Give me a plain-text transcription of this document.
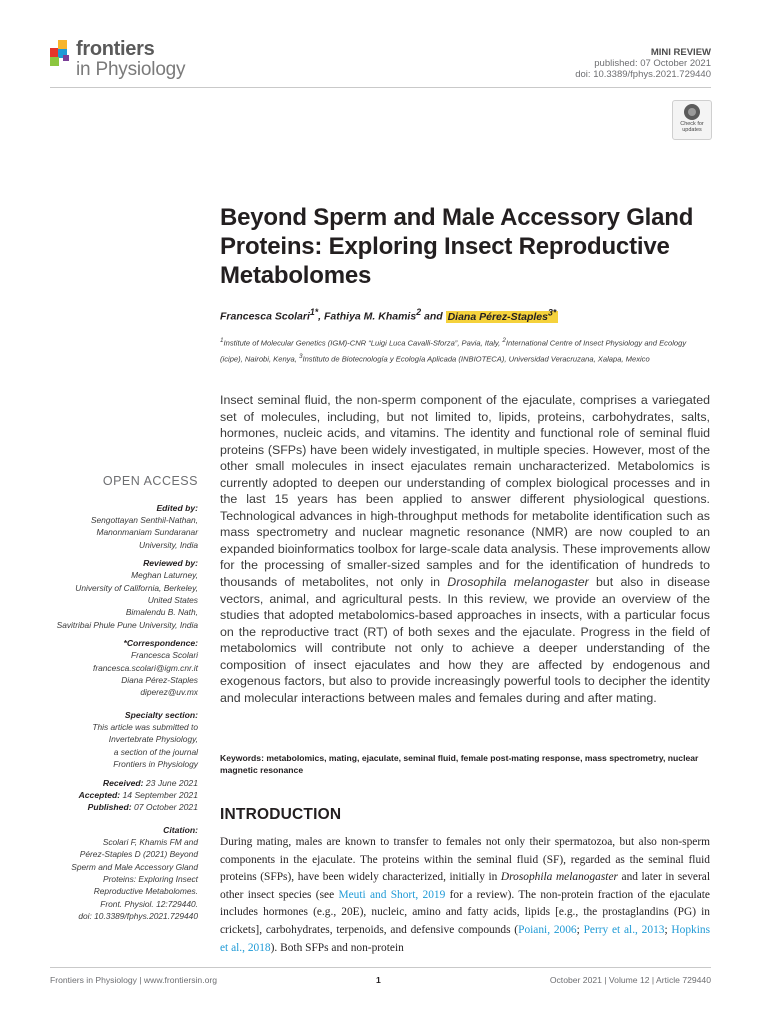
frontiers
in Physiology
MINI REVIEW
published: 07 October 2021
doi: 10.3389/fphys.2021.729440
Check for
updates
Beyond Sperm and Male Accessory Gland Proteins: Exploring Insect Reproductive Metabolomes
Francesca Scolari$^{1*}$, Fathiya M. Khamis$^2$ and Diana Pérez-Staples$^{3*}$
$^1$Institute of Molecular Genetics (IGM)-CNR “Luigi Luca Cavalli-Sforza”, Pavia, Italy, $^2$International Centre of Insect Physiology and Ecology (icipe), Nairobi, Kenya, $^3$Instituto de Biotecnología y Ecología Aplicada (INBIOTECA), Universidad Veracruzana, Xalapa, Mexico
Insect seminal fluid, the non-sperm component of the ejaculate, comprises a variegated set of molecules, including, but not limited to, lipids, proteins, carbohydrates, salts, hormones, nucleic acids, and vitamins. The identity and functional role of seminal fluid proteins (SFPs) have been widely investigated, in multiple species. However, most of the other small molecules in insect ejaculates remain uncharacterized. Metabolomics is currently adopted to deepen our understanding of complex biological processes and in the last 15 years has been applied to answer different physiological questions. Technological advances in high-throughput methods for metabolite identification such as mass spectrometry and nuclear magnetic resonance (NMR) are now coupled to an expanded bioinformatics toolbox for large-scale data analysis. These improvements allow for the processing of smaller-sized samples and for the identification of hundreds to thousands of metabolites, not only in Drosophila melanogaster but also in disease vectors, animal, and agricultural pests. In this review, we provide an overview of the studies that adopted metabolomics-based approaches in insects, with a particular focus on the reproductive tract (RT) of both sexes and the ejaculate. Progress in the field of metabolomics will contribute not only to achieve a deeper understanding of the composition of insect ejaculates and how they are affected by endogenous and exogenous factors, but also to provide increasingly powerful tools to decipher the identity and molecular interactions between males and females during and after mating.
Keywords: metabolomics, mating, ejaculate, seminal fluid, female post-mating response, mass spectrometry, nuclear magnetic resonance
INTRODUCTION
During mating, males are known to transfer to females not only their spermatozoa, but also non-sperm components in the ejaculate. The proteins within the seminal fluid (SF), regarded as the seminal fluid proteins (SFPs), have been widely characterized, initially in Drosophila melanogaster and later in several other insect species (see Meuti and Short, 2019 for a review). The non-protein fraction of the ejaculate includes hormones (e.g., 20E), nucleic, amino and fatty acids, lipids [e.g., the prostaglandins (PG) in crickets], carbohydrates, terpenoids, and defensive compounds (Poiani, 2006; Perry et al., 2013; Hopkins et al., 2018). Both SFPs and non-protein
OPEN ACCESS
Edited by:
Sengottayan Senthil-Nathan,
Manonmaniam Sundaranar
University, India
Reviewed by:
Meghan Laturney,
University of California, Berkeley,
United States
Bimalendu B. Nath,
Savitribai Phule Pune University, India
*Correspondence:
Francesca Scolari
francesca.scolari@igm.cnr.it
Diana Pérez-Staples
diperez@uv.mx
Specialty section:
This article was submitted to
Invertebrate Physiology,
a section of the journal
Frontiers in Physiology
Received: 23 June 2021
Accepted: 14 September 2021
Published: 07 October 2021
Citation:
Scolari F, Khamis FM and
Pérez-Staples D (2021) Beyond
Sperm and Male Accessory Gland
Proteins: Exploring Insect
Reproductive Metabolomes.
Front. Physiol. 12:729440.
doi: 10.3389/fphys.2021.729440
Frontiers in Physiology | www.frontiersin.org	1	October 2021 | Volume 12 | Article 729440
